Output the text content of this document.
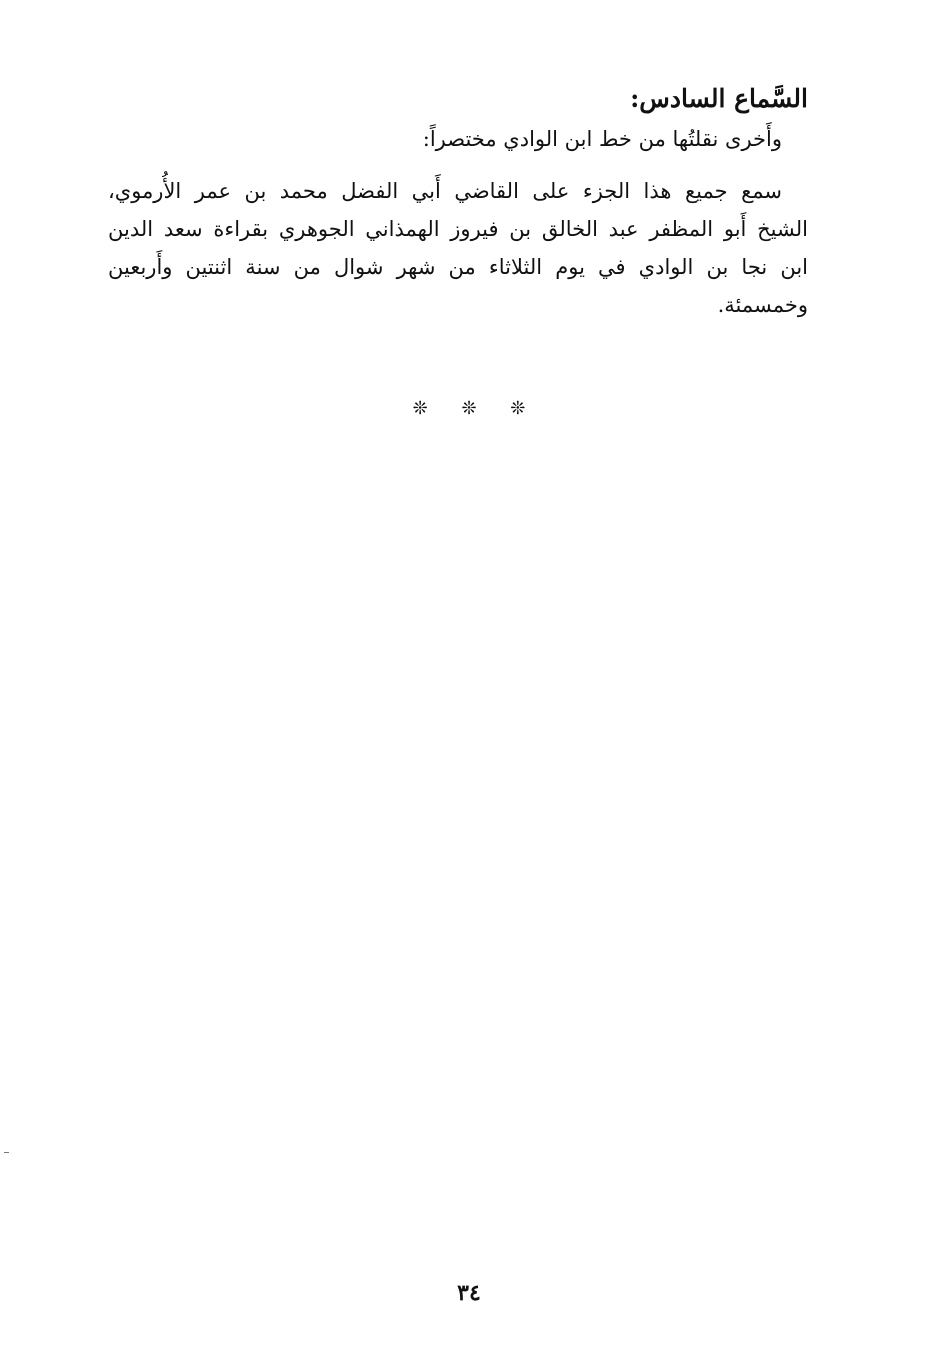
السَّماع السادس:

وأَخرى نقلتُها من خط ابن الوادي مختصراً:

سمع جميع هذا الجزء على القاضي أَبي الفضل محمد بن عمر الأُرموي،
الشيخ أَبو المظفر عبد الخالق بن فيروز الهمذاني الجوهري بقراءة سعد الدين
ابن نجا بن الوادي في يوم الثلاثاء من شهر شوال من سنة اثنتين وأَربعين
وخمسمئة.
❊ ❊ ❊
٣٤
